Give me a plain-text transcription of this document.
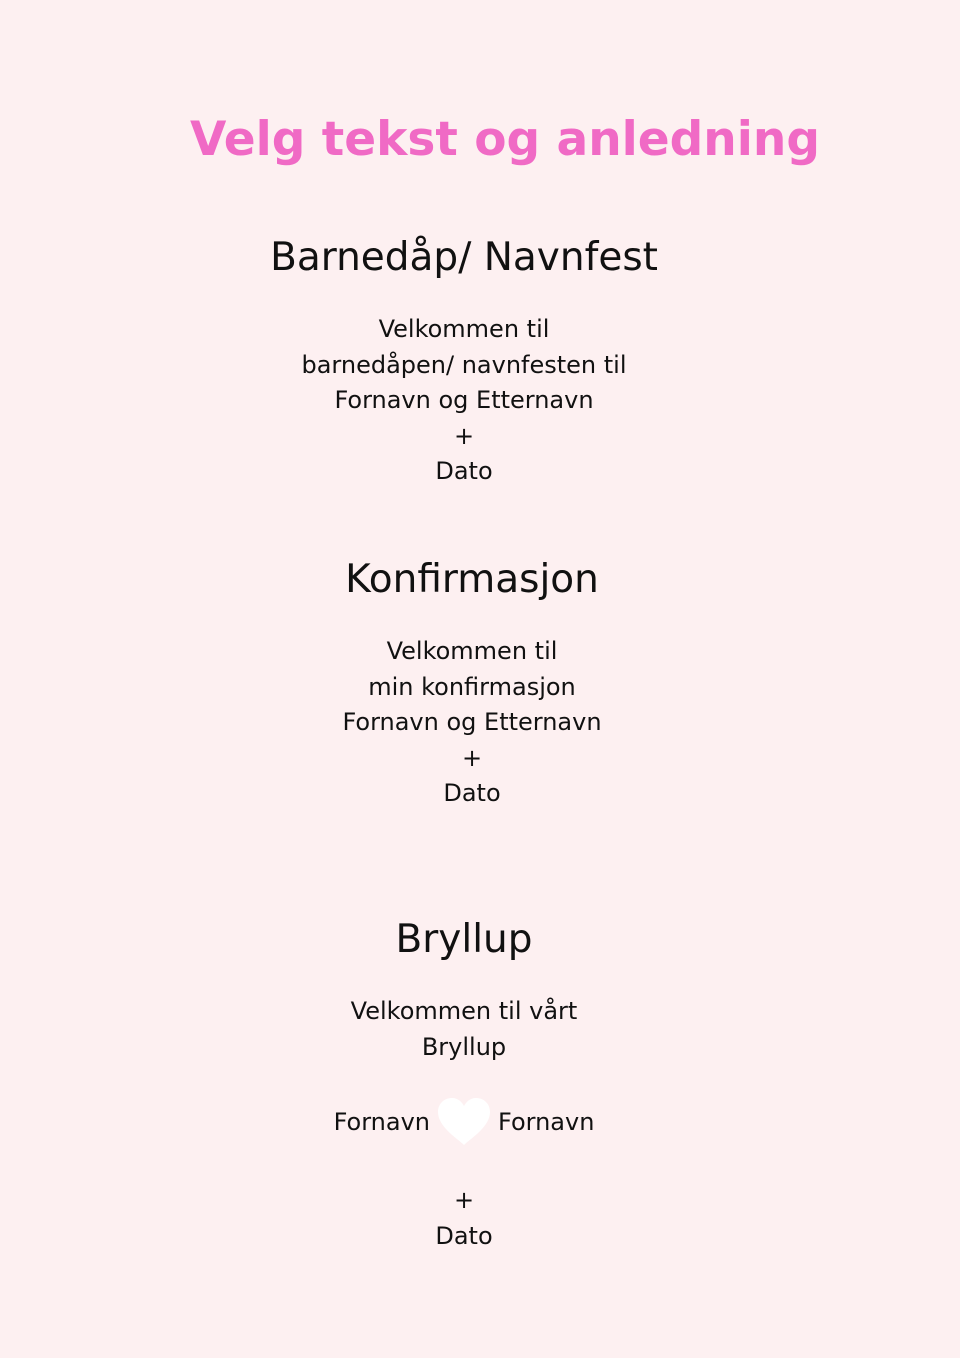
Velg tekst og anledning
Barnedåp/ Navnfest
Velkommen til
barnedåpen/ navnfesten til
Fornavn og Etternavn
+
Dato
Konfirmasjon
Velkommen til
min konfirmasjon
Fornavn og Etternavn
+
Dato
Bryllup
Velkommen til vårt
Bryllup
Fornavn	Fornavn
+
Dato
